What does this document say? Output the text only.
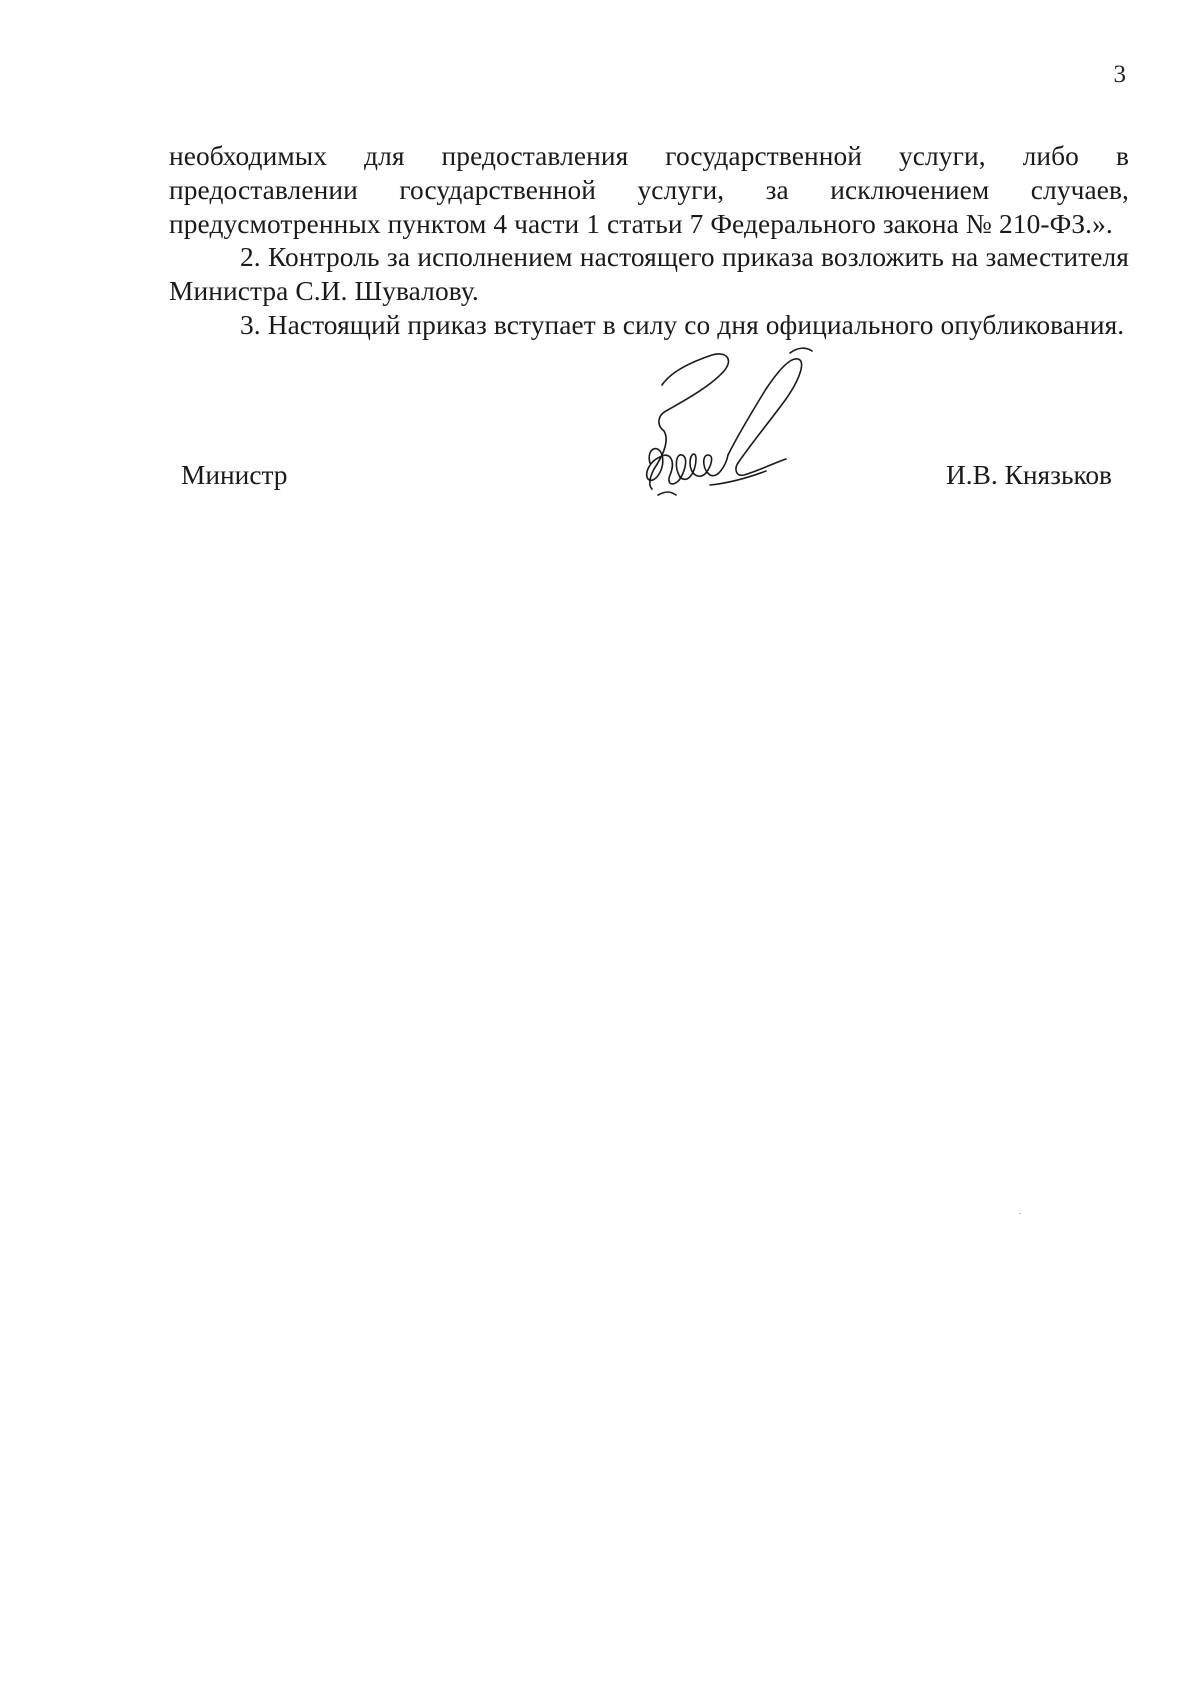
3

необходимых для предоставления государственной услуги, либо в предоставлении государственной услуги, за исключением случаев, предусмотренных пунктом 4 части 1 статьи 7 Федерального закона № 210-ФЗ.».

2. Контроль за исполнением настоящего приказа возложить на заместителя Министра С.И. Шувалову.

3. Настоящий приказ вступает в силу со дня официального опубликования.

Министр	И.В. Князьков
